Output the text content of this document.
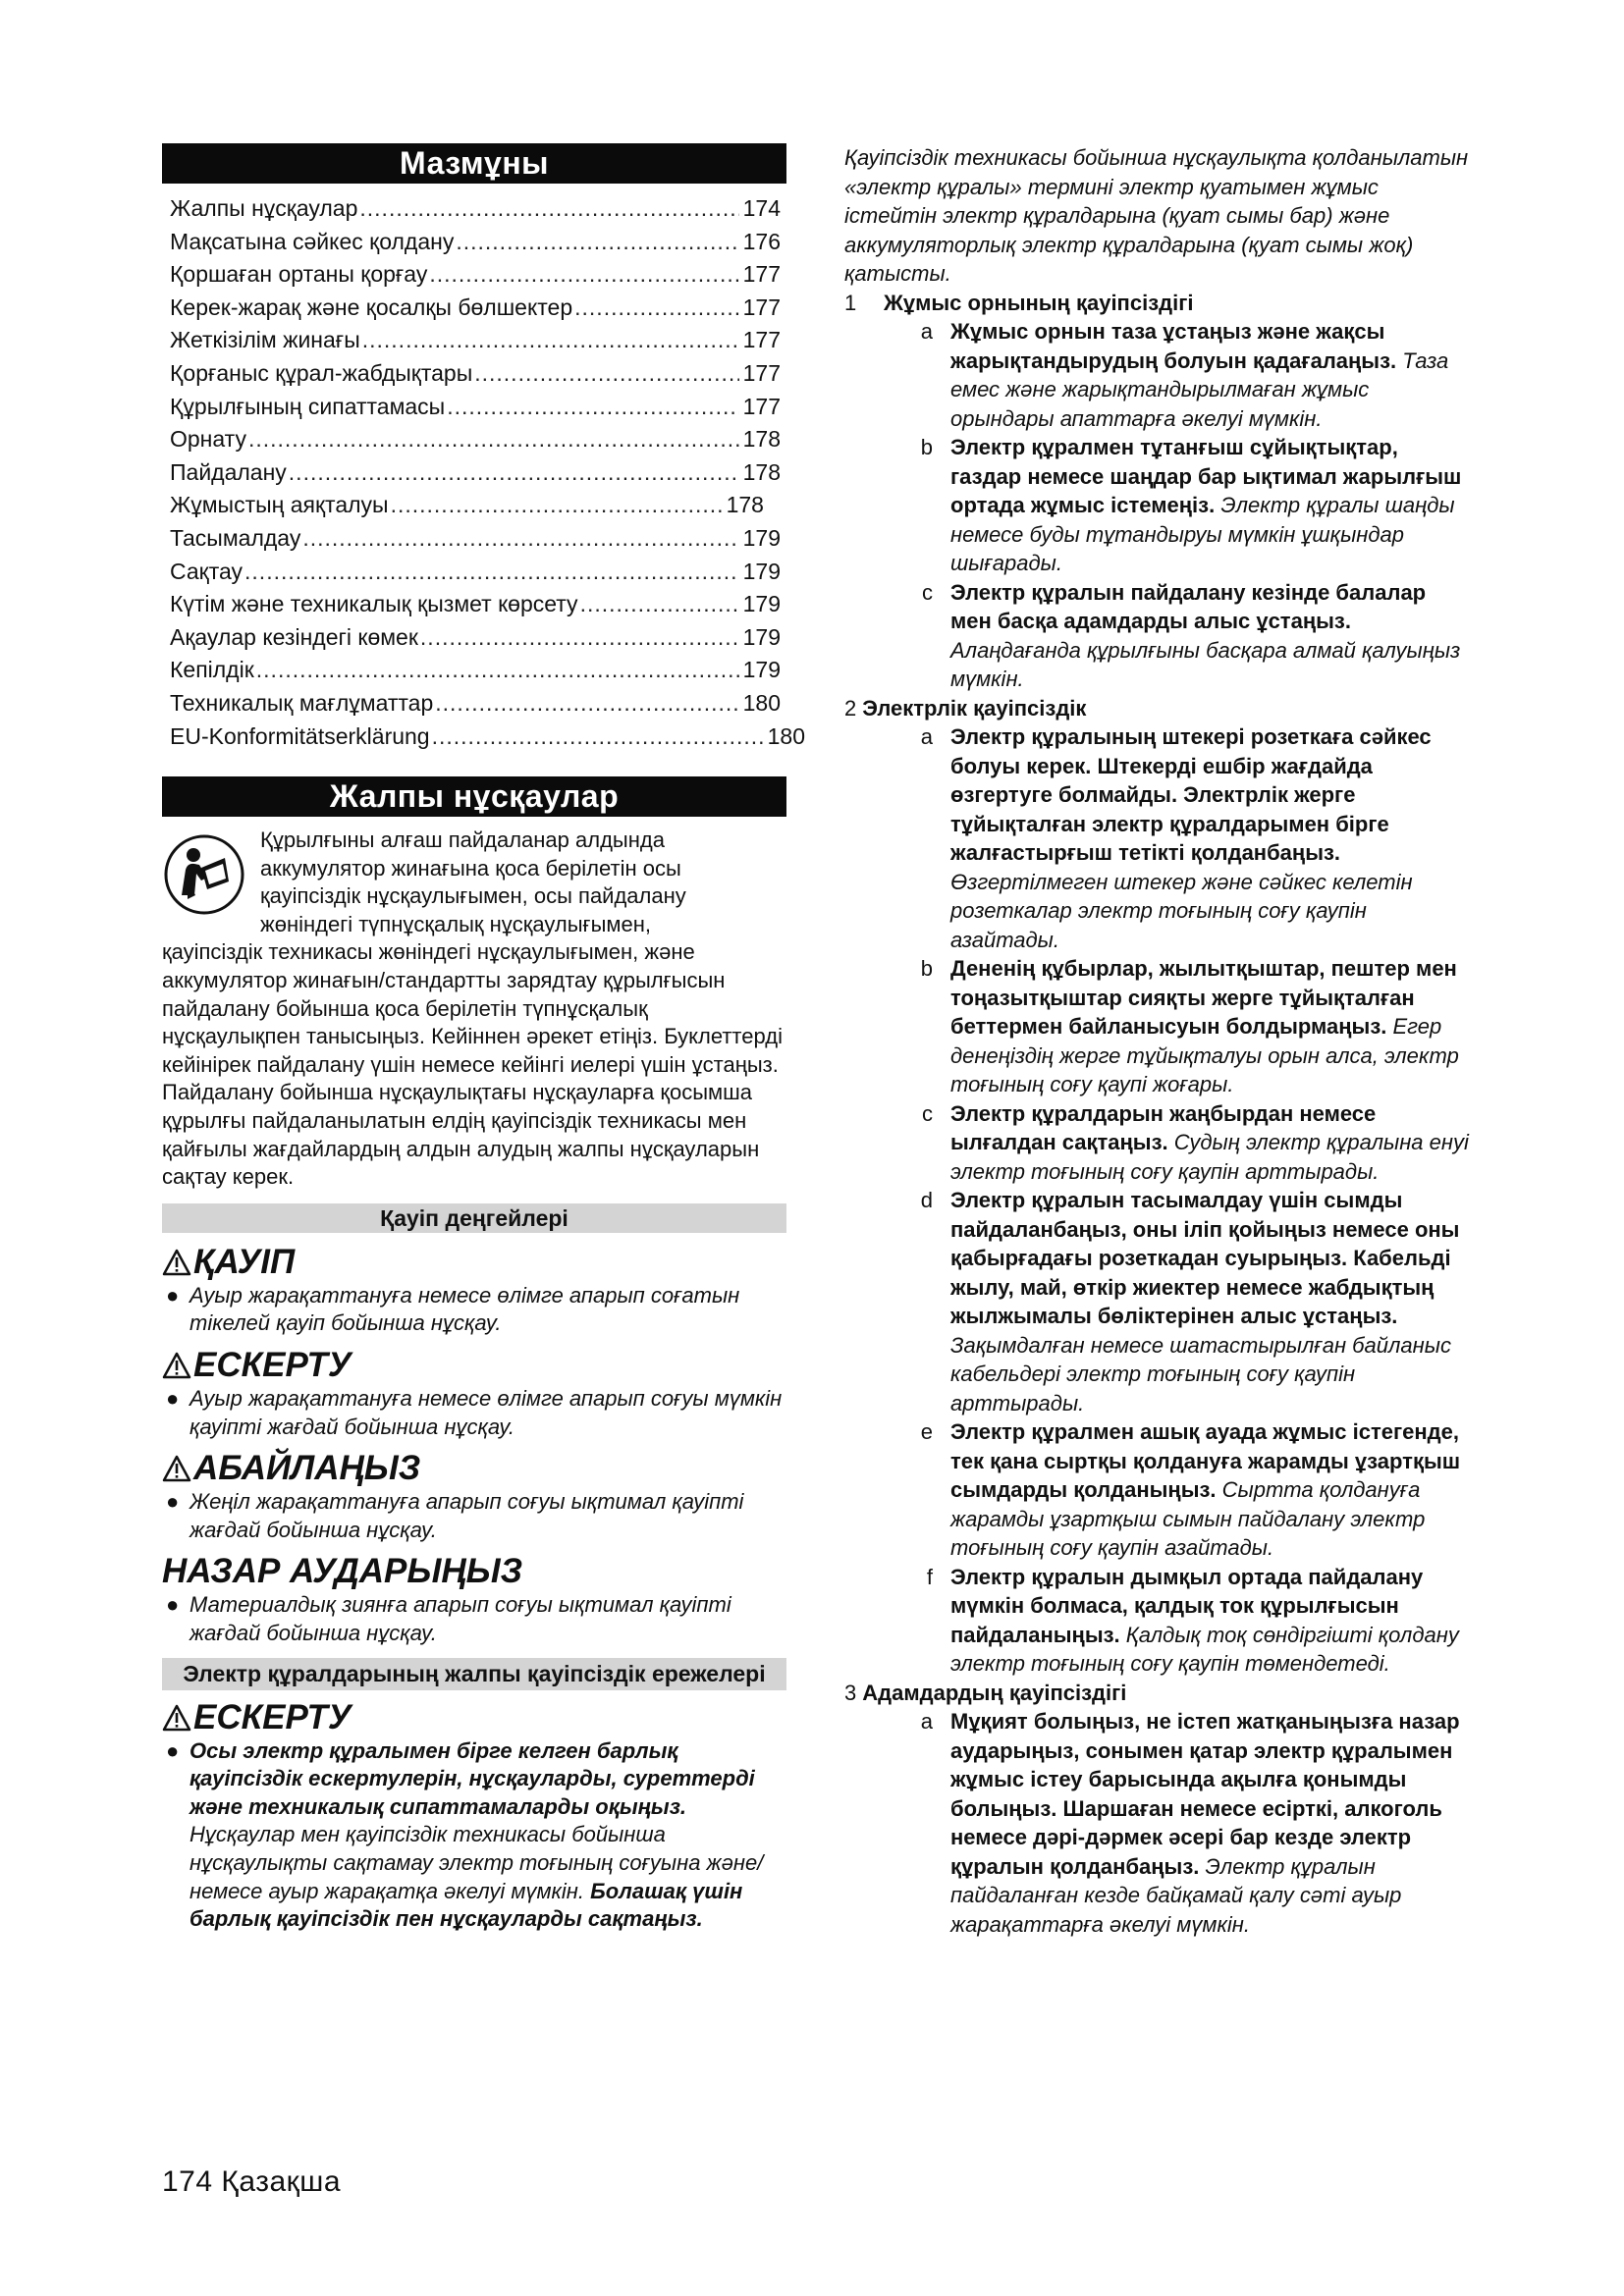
Мазмұны
Жалпы нұсқаулар .....	174
Мақсатына сәйкес қолдану .....	176
Қоршаған ортаны қорғау .....	177
Керек-жарақ және қосалқы бөлшектер .....	177
Жеткізілім жинағы .....	177
Қорғаныс құрал-жабдықтары .....	177
Құрылғының сипаттамасы .....	177
Орнату .....	178
Пайдалану .....	178
Жұмыстың аяқталуы .....	178
Тасымалдау .....	179
Сақтау .....	179
Күтім және техникалық қызмет көрсету .....	179
Ақаулар кезіндегі көмек .....	179
Кепілдік .....	179
Техникалық мағлұматтар .....	180
EU-Konformitätserklärung .....	180
Жалпы нұсқаулар
Құрылғыны алғаш пайдаланар алдында
аккумулятор жинағына қоса берілетін осы
қауіпсіздік нұсқаулығымен, осы пайдалану
жөніндегі түпнұсқалық нұсқаулығымен,

қауіпсіздік техникасы жөніндегі нұсқаулығымен, және аккумулятор жинағын/стандартты зарядтау құрылғысын пайдалану бойынша қоса берілетін түпнұсқалық нұсқаулықпен танысыңыз. Кейіннен әрекет етіңіз. Буклеттерді кейінірек пайдалану үшін немесе кейінгі иелері үшін ұстаңыз.

Пайдалану бойынша нұсқаулықтағы нұсқауларға қосымша құрылғы пайдаланылатын елдің қауіпсіздік техникасы мен қайғылы жағдайлардың алдын алудың жалпы нұсқауларын сақтау керек.

Қауіп деңгейлері
ҚАУІП
● Ауыр жарақаттануға немесе өлімге апарып соғатын тікелей қауіп бойынша нұсқау.
ЕСКЕРТУ
● Ауыр жарақаттануға немесе өлімге апарып соғуы мүмкін қауіпті жағдай бойынша нұсқау.
АБАЙЛАҢЫЗ
● Жеңіл жарақаттануға апарып соғуы ықтимал қауіпті жағдай бойынша нұсқау.
НАЗАР АУДАРЫҢЫЗ
● Материалдық зиянға апарып соғуы ықтимал қауіпті жағдай бойынша нұсқау.
Электр құралдарының жалпы қауіпсіздік ережелері
ЕСКЕРТУ
● Осы электр құралымен бірге келген барлық қауіпсіздік ескертулерін, нұсқауларды, суреттерді және техникалық сипаттамаларды оқыңыз.
Нұсқаулар мен қауіпсіздік техникасы бойынша нұсқаулықты сақтамау электр тоғының соғуына және/немесе ауыр жарақатқа әкелуі мүмкін. Болашақ үшін барлық қауіпсіздік пен нұсқауларды сақтаңыз.
Қауіпсіздік техникасы бойынша нұсқаулықта қолданылатын «электр құралы» термині электр қуатымен жұмыс істейтін электр құралдарына (қуат сымы бар) және аккумуляторлық электр құралдарына (қуат сымы жоқ) қатысты.
1	Жұмыс орнының қауіпсіздігі
a Жұмыс орнын таза ұстаңыз және жақсы жарықтандырудың болуын қадағалаңыз. Таза емес және жарықтандырылмаған жұмыс орындары апаттарға әкелуі мүмкін.
b Электр құралмен тұтанғыш сұйықтықтар, газдар немесе шаңдар бар ықтимал жарылғыш ортада жұмыс істемеңіз. Электр құралы шаңды немесе буды тұтандыруы мүмкін ұшқындар шығарады.
c Электр құралын пайдалану кезінде балалар мен басқа адамдарды алыс ұстаңыз. Алаңдағанда құрылғыны басқара алмай қалуыңыз мүмкін.
2 Электрлік қауіпсіздік
a Электр құралының штекері розеткаға сәйкес болуы керек. Штекерді ешбір жағдайда өзгертуге болмайды. Электрлік жерге тұйықталған электр құралдарымен бірге жалғастырғыш тетікті қолданбаңыз. Өзгертілмеген штекер және сәйкес келетін розеткалар электр тоғының соғу қаупін азайтады.
b Дененің құбырлар, жылытқыштар, пештер мен тоңазытқыштар сияқты жерге тұйықталған беттермен байланысуын болдырмаңыз. Егер денеңіздің жерге тұйықталуы орын алса, электр тоғының соғу қаупі жоғары.
c Электр құралдарын жаңбырдан немесе ылғалдан сақтаңыз. Судың электр құралына енуі электр тоғының соғу қаупін арттырады.
d Электр құралын тасымалдау үшін сымды пайдаланбаңыз, оны іліп қойыңыз немесе оны қабырғадағы розеткадан суырыңыз. Кабельді жылу, май, өткір жиектер немесе жабдықтың жылжымалы бөліктерінен алыс ұстаңыз. Зақымдалған немесе шатастырылған байланыс кабельдері электр тоғының соғу қаупін арттырады.
e Электр құралмен ашық ауада жұмыс істегенде, тек қана сыртқы қолдануға жарамды ұзартқыш сымдарды қолданыңыз. Сыртта қолдануға жарамды ұзартқыш сымын пайдалану электр тоғының соғу қаупін азайтады.
f Электр құралын дымқыл ортада пайдалану мүмкін болмаса, қалдық ток құрылғысын пайдаланыңыз. Қалдық тоқ сөндіргішті қолдану электр тоғының соғу қаупін төмендетеді.
3 Адамдардың қауіпсіздігі
a Мұқият болыңыз, не істеп жатқаныңызға назар аударыңыз, сонымен қатар электр құралымен жұмыс істеу барысында ақылға қонымды болыңыз. Шаршаған немесе есірткі, алкоголь немесе дәрі-дәрмек әсері бар кезде электр құралын қолданбаңыз. Электр құралын пайдаланған кезде байқамай қалу сәті ауыр жарақаттарға әкелуі мүмкін.
174 Қазақша
